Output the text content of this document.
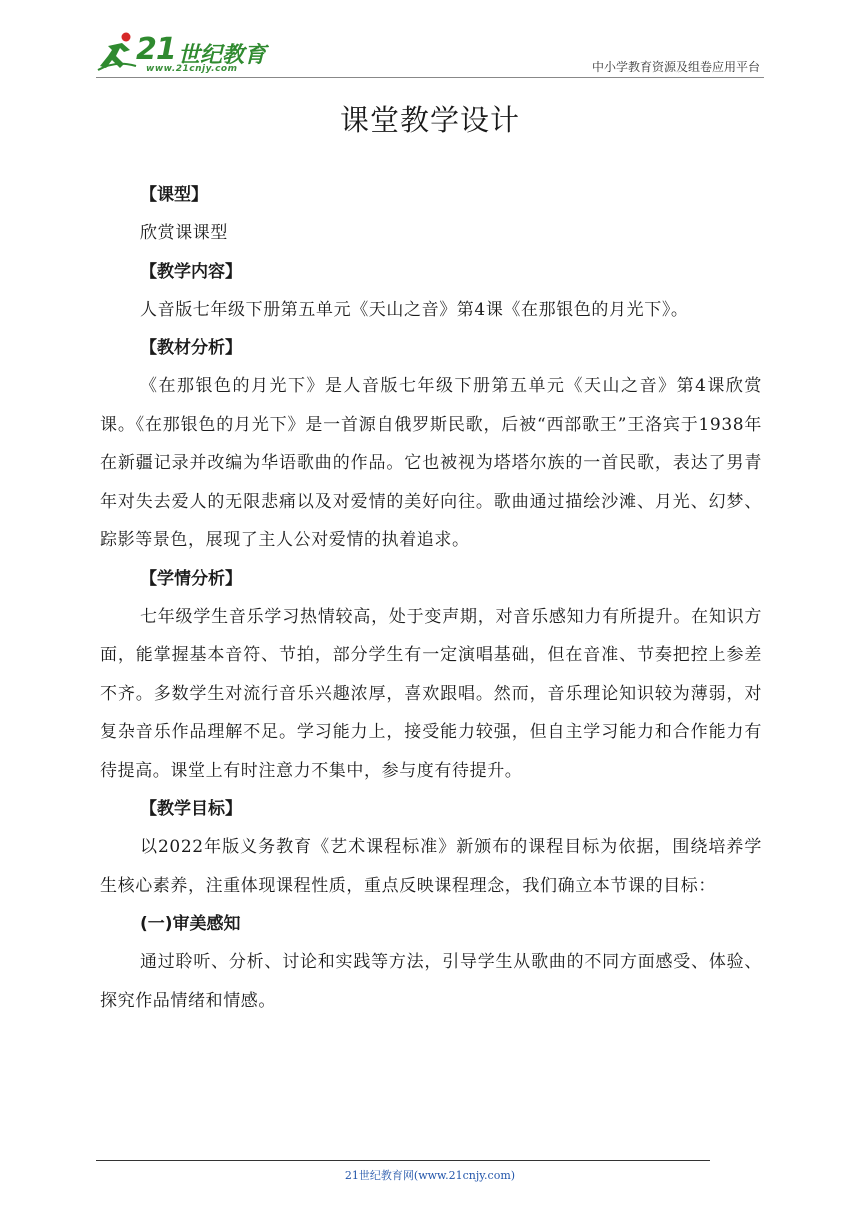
21 世纪教育
www.21cnjy.com	中小学教育资源及组卷应用平台
课堂教学设计
【课型】
欣赏课课型
【教学内容】
人音版七年级下册第五单元《天山之音》第4课《在那银色的月光下》。
【教材分析】
《在那银色的月光下》是人音版七年级下册第五单元《天山之音》第4课欣赏课。《在那银色的月光下》是一首源自俄罗斯民歌，后被“西部歌王”王洛宾于1938年在新疆记录并改编为华语歌曲的作品。它也被视为塔塔尔族的一首民歌，表达了男青年对失去爱人的无限悲痛以及对爱情的美好向往。歌曲通过描绘沙滩、月光、幻梦、踪影等景色，展现了主人公对爱情的执着追求。
【学情分析】
七年级学生音乐学习热情较高，处于变声期，对音乐感知力有所提升。在知识方面，能掌握基本音符、节拍，部分学生有一定演唱基础，但在音准、节奏把控上参差不齐。多数学生对流行音乐兴趣浓厚，喜欢跟唱。然而，音乐理论知识较为薄弱，对复杂音乐作品理解不足。学习能力上，接受能力较强，但自主学习能力和合作能力有待提高。课堂上有时注意力不集中，参与度有待提升。
【教学目标】
以2022年版义务教育《艺术课程标准》新颁布的课程目标为依据，围绕培养学生核心素养，注重体现课程性质，重点反映课程理念，我们确立本节课的目标：
(一)审美感知
通过聆听、分析、讨论和实践等方法，引导学生从歌曲的不同方面感受、体验、探究作品情绪和情感。
21世纪教育网(www.21cnjy.com)
